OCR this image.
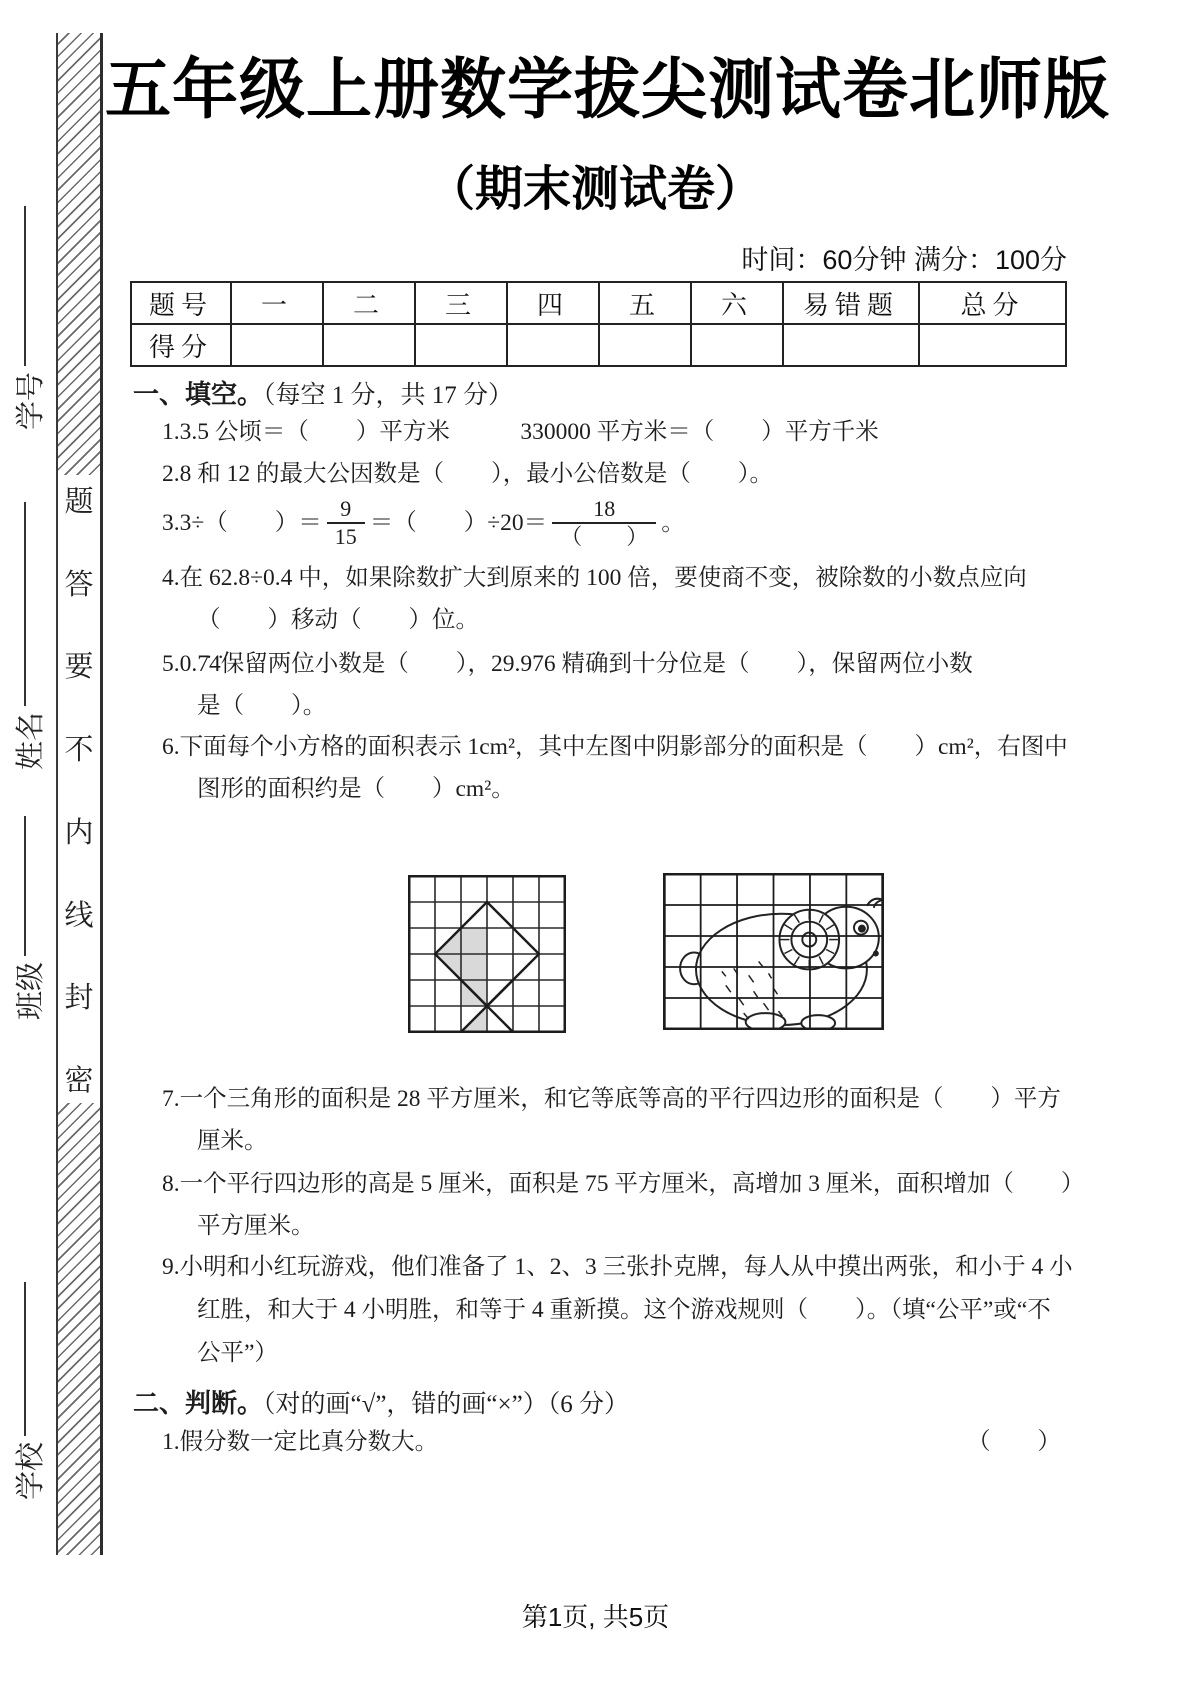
学号
姓名
班级
学校
题
答
要
不
内
线
封
密
五年级上册数学拔尖测试卷北师版
（期末测试卷）
时间：60分钟 满分：100分
题号	一	二	三	四	五	六	易错题	总分
得分								
一、填空。（每空 1 分，共 17 分）
1.3.5 公顷＝（　　）平方米　　　330000 平方米＝（　　）平方千米
2.8 和 12 的最大公因数是（　　），最小公倍数是（　　）。
3.3÷（　　）＝ $\frac{9}{15}$ ＝（　　）$\div 20= \frac{18}{( )}$ 。
4.在 62.8÷0.4 中，如果除数扩大到原来的 100 倍，要使商不变，被除数的小数点应向
（　　）移动（　　）位。
5.0.7̇4̇保留两位小数是（　　），29.976 精确到十分位是（　　），保留两位小数
是（　　）。
6.下面每个小方格的面积表示 1cm²，其中左图中阴影部分的面积是（　　）cm²，右图中
图形的面积约是（　　）cm²。
7.一个三角形的面积是 28 平方厘米，和它等底等高的平行四边形的面积是（　　）平方
厘米。
8.一个平行四边形的高是 5 厘米，面积是 75 平方厘米，高增加 3 厘米，面积增加（　　）
平方厘米。
9.小明和小红玩游戏，他们准备了 1、2、3 三张扑克牌，每人从中摸出两张，和小于 4 小
红胜，和大于 4 小明胜，和等于 4 重新摸。这个游戏规则（　　）。（填“公平”或“不
公平”）
二、判断。（对的画“√”，错的画“×”）（6 分）
1.假分数一定比真分数大。	（　　）
第1页, 共5页
